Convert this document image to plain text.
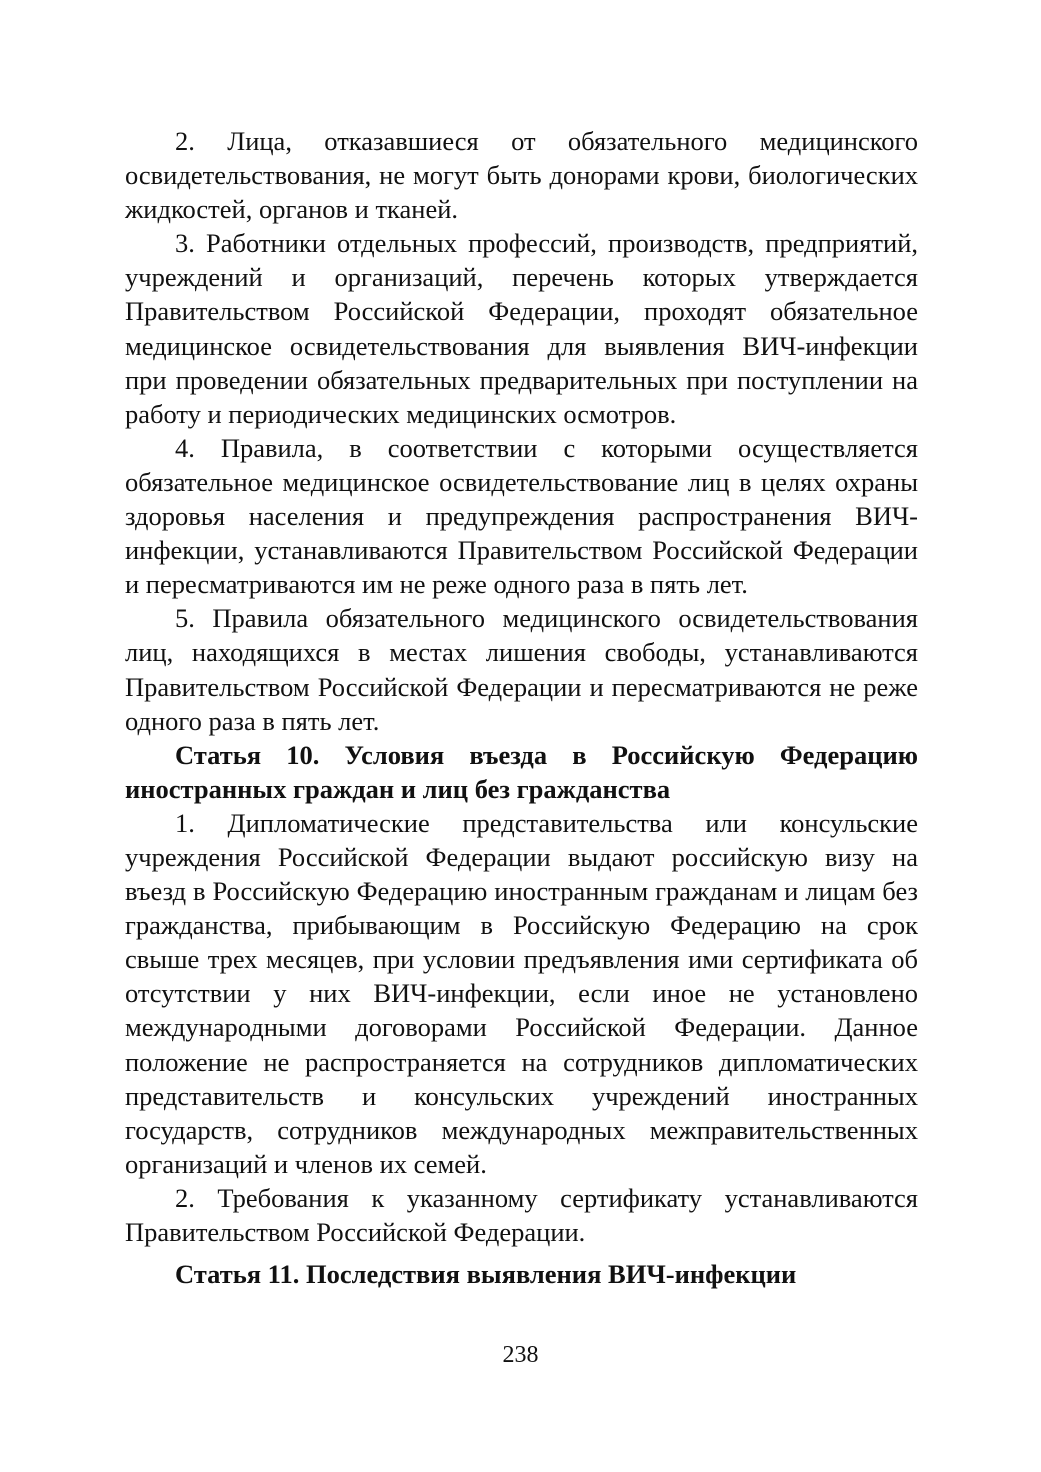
2. Лица, отказавшиеся от обязательного медицинского освидетельствования, не могут быть донорами крови, биологических жидкостей, органов и тканей.

3. Работники отдельных профессий, производств, предприятий, учреждений и организаций, перечень которых утверждается Правительством Российской Федерации, проходят обязательное медицинское освидетельствования для выявления ВИЧ-инфекции при проведении обязательных предварительных при поступлении на работу и периодических медицинских осмотров.

4. Правила, в соответствии с которыми осуществляется обязательное медицинское освидетельствование лиц в целях охраны здоровья населения и предупреждения распространения ВИЧ-инфекции, устанавливаются Правительством Российской Федерации и пересматриваются им не реже одного раза в пять лет.

5. Правила обязательного медицинского освидетельствования лиц, находящихся в местах лишения свободы, устанавливаются Правительством Российской Федерации и пересматриваются не реже одного раза в пять лет.

Статья 10. Условия въезда в Российскую Федерацию иностранных граждан и лиц без гражданства

1. Дипломатические представительства или консульские учреждения Российской Федерации выдают российскую визу на въезд в Российскую Федерацию иностранным гражданам и лицам без гражданства, прибывающим в Российскую Федерацию на срок свыше трех месяцев, при условии предъявления ими сертификата об отсутствии у них ВИЧ-инфекции, если иное не установлено международными договорами Российской Федерации. Данное положение не распространяется на сотрудников дипломатических представительств и консульских учреждений иностранных государств, сотрудников международных межправительственных организаций и членов их семей.

2. Требования к указанному сертификату устанавливаются Правительством Российской Федерации.

Статья 11. Последствия выявления ВИЧ-инфекции

238
